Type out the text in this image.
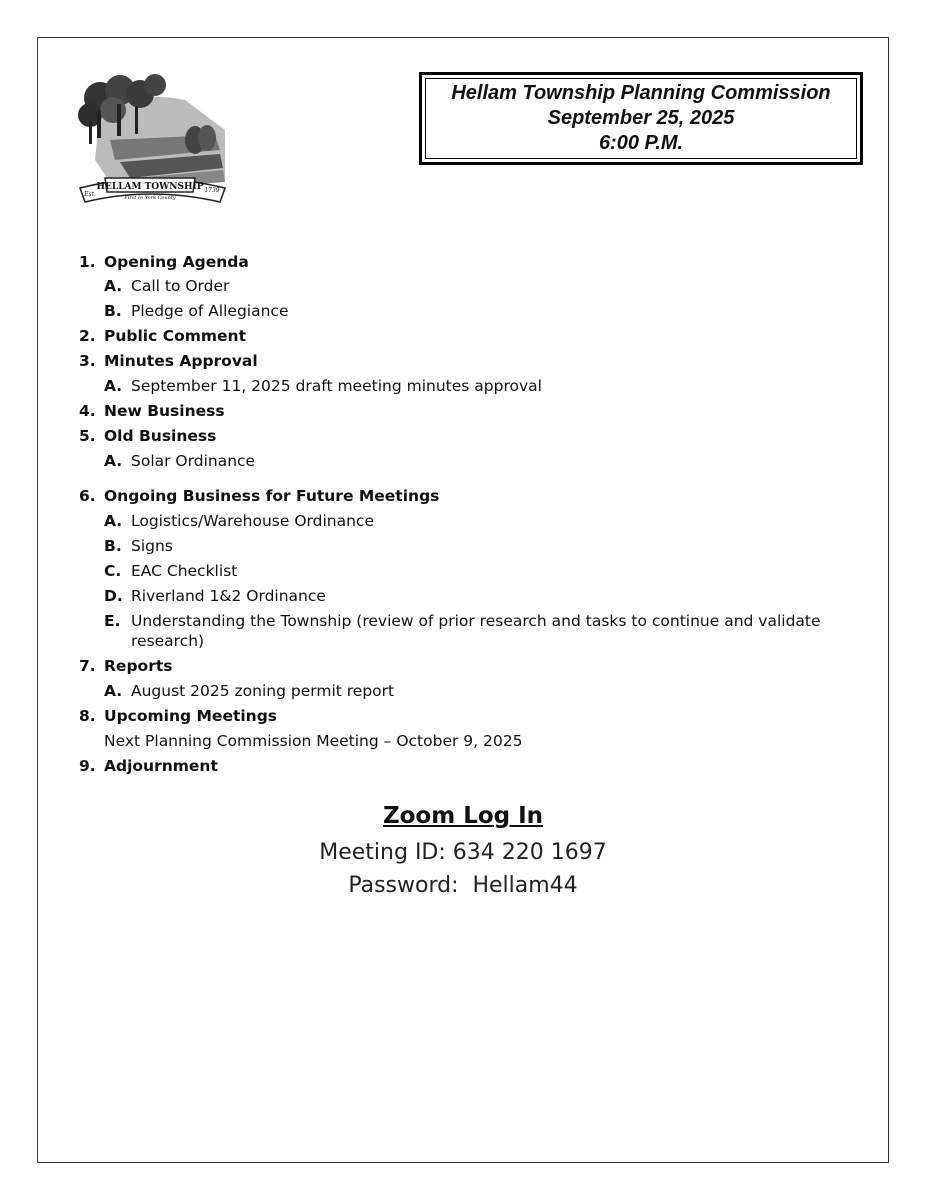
HELLAM TOWNSHIP
First In York County
Est.
1739
Hellam Township Planning Commission
September 25, 2025
6:00 P.M.
1. Opening Agenda
A. Call to Order
B. Pledge of Allegiance
2. Public Comment
3. Minutes Approval
A. September 11, 2025 draft meeting minutes approval
4. New Business
5. Old Business
A. Solar Ordinance
6. Ongoing Business for Future Meetings
A. Logistics/Warehouse Ordinance
B. Signs
C. EAC Checklist
D. Riverland 1&2 Ordinance
E. Understanding the Township (review of prior research and tasks to continue and validate research)
7. Reports
A. August 2025 zoning permit report
8. Upcoming Meetings
Next Planning Commission Meeting – October 9, 2025
9. Adjournment
Zoom Log In
Meeting ID: 634 220 1697
Password:  Hellam44
